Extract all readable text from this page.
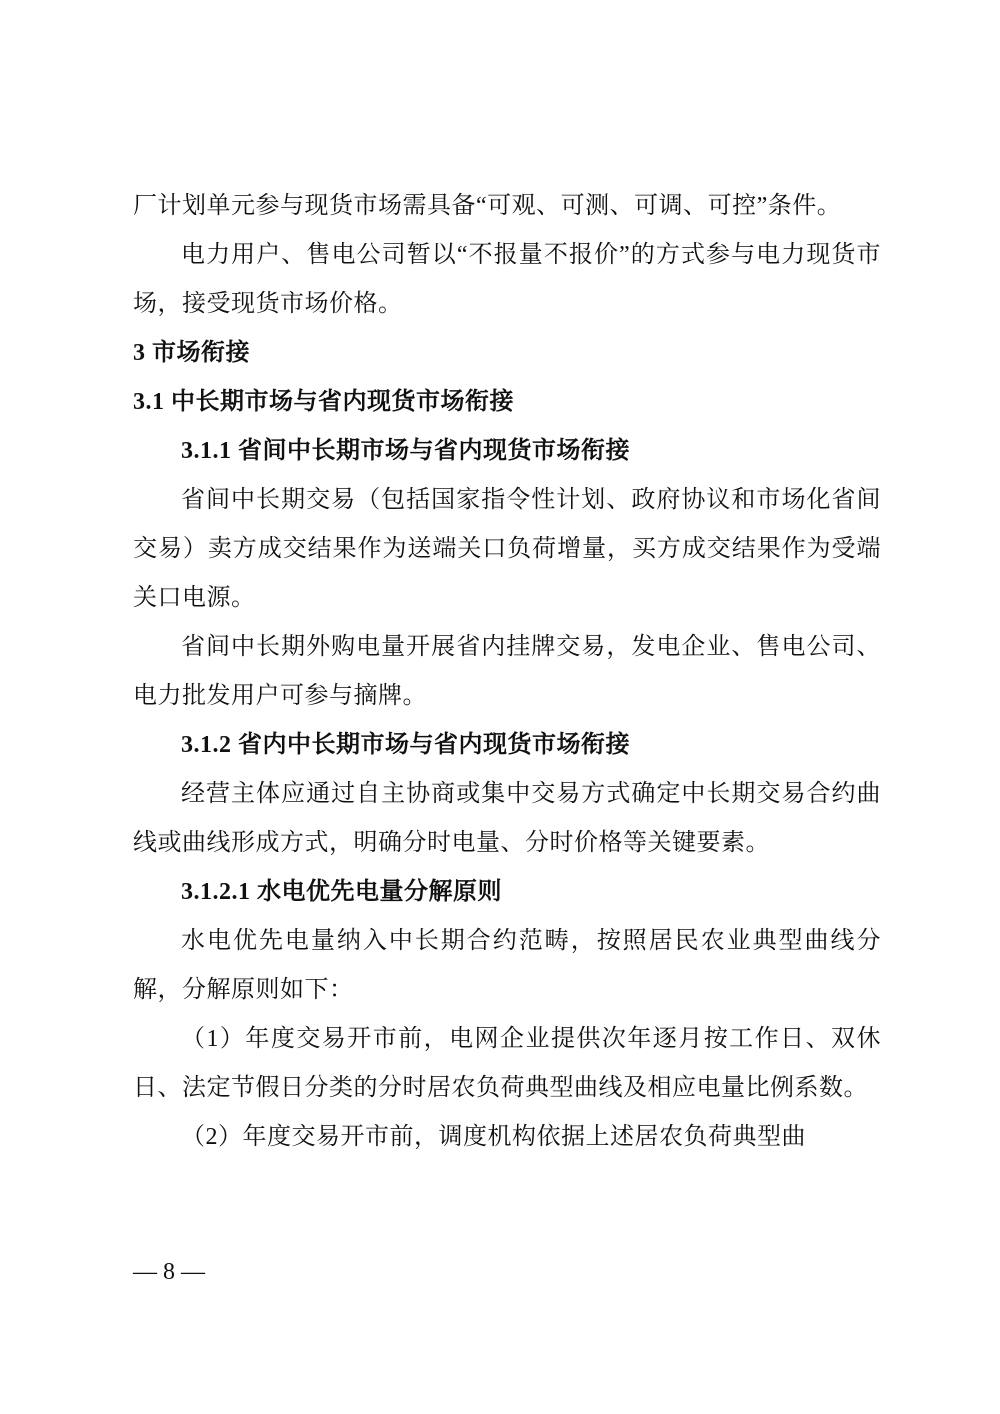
厂计划单元参与现货市场需具备“可观、可测、可调、可控”条件。

电力用户、售电公司暂以“不报量不报价”的方式参与电力现货市场，接受现货市场价格。

3 市场衔接

3.1 中长期市场与省内现货市场衔接

3.1.1 省间中长期市场与省内现货市场衔接

省间中长期交易（包括国家指令性计划、政府协议和市场化省间交易）卖方成交结果作为送端关口负荷增量，买方成交结果作为受端关口电源。

省间中长期外购电量开展省内挂牌交易，发电企业、售电公司、电力批发用户可参与摘牌。

3.1.2 省内中长期市场与省内现货市场衔接

经营主体应通过自主协商或集中交易方式确定中长期交易合约曲线或曲线形成方式，明确分时电量、分时价格等关键要素。

3.1.2.1 水电优先电量分解原则

水电优先电量纳入中长期合约范畴，按照居民农业典型曲线分解，分解原则如下：

（1）年度交易开市前，电网企业提供次年逐月按工作日、双休日、法定节假日分类的分时居农负荷典型曲线及相应电量比例系数。

（2）年度交易开市前，调度机构依据上述居农负荷典型曲

— 8 —
